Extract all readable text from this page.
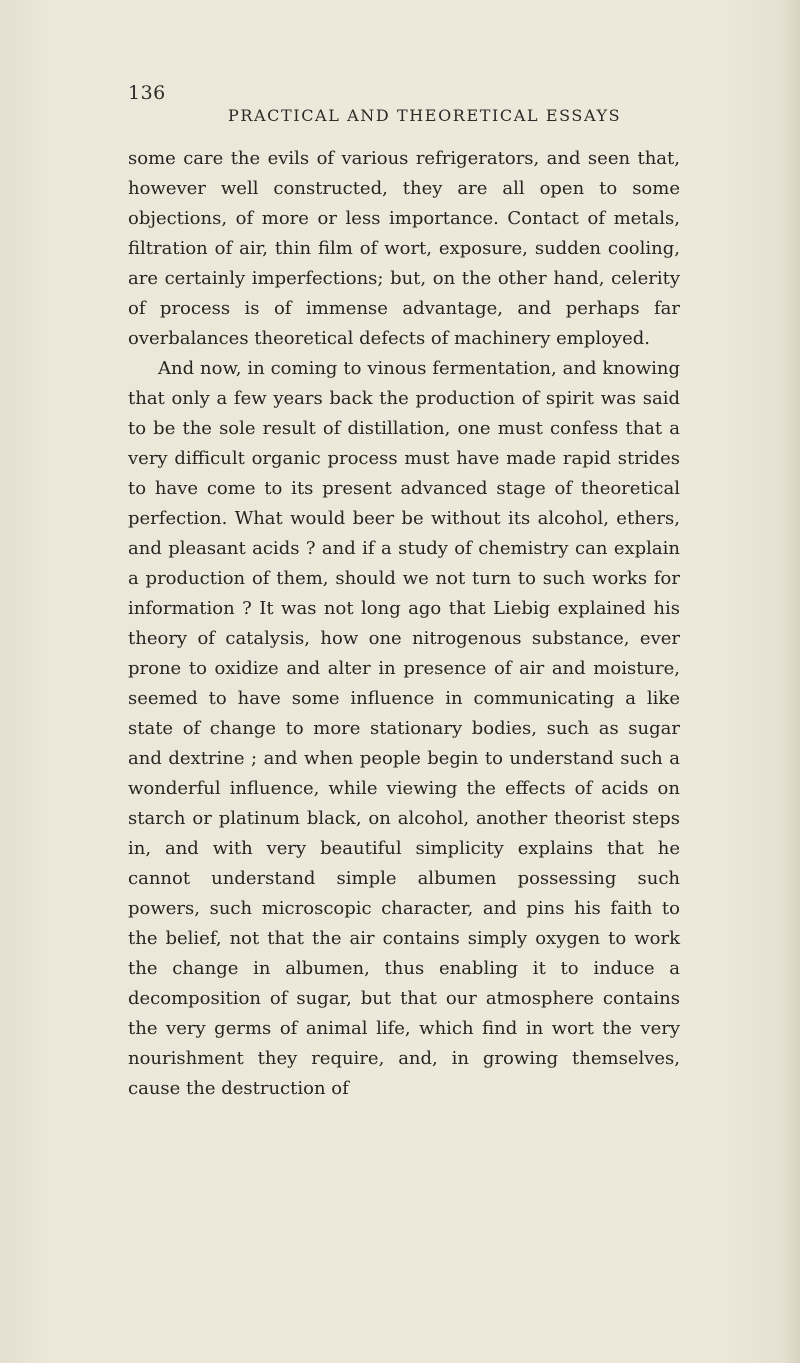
136
PRACTICAL AND THEORETICAL ESSAYS

some care the evils of various refrigerators, and seen that, however well constructed, they are all open to some objections, of more or less importance. Contact of metals, filtration of air, thin film of wort, exposure, sudden cooling, are certainly imperfections; but, on the other hand, celerity of process is of immense advantage, and perhaps far overbalances theoretical defects of machinery employed.

And now, in coming to vinous fermentation, and knowing that only a few years back the production of spirit was said to be the sole result of distillation, one must confess that a very difficult organic process must have made rapid strides to have come to its present advanced stage of theoretical perfection. What would beer be without its alcohol, ethers, and pleasant acids ? and if a study of chemistry can explain a production of them, should we not turn to such works for information ? It was not long ago that Liebig explained his theory of catalysis, how one nitrogenous substance, ever prone to oxidize and alter in presence of air and moisture, seemed to have some influence in communicating a like state of change to more stationary bodies, such as sugar and dextrine ; and when people begin to understand such a wonderful influence, while viewing the effects of acids on starch or platinum black, on alcohol, another theorist steps in, and with very beautiful simplicity explains that he cannot understand simple albumen possessing such powers, such microscopic character, and pins his faith to the belief, not that the air contains simply oxygen to work the change in albumen, thus enabling it to induce a decomposition of sugar, but that our atmosphere contains the very germs of animal life, which find in wort the very nourishment they require, and, in growing themselves, cause the destruction of
